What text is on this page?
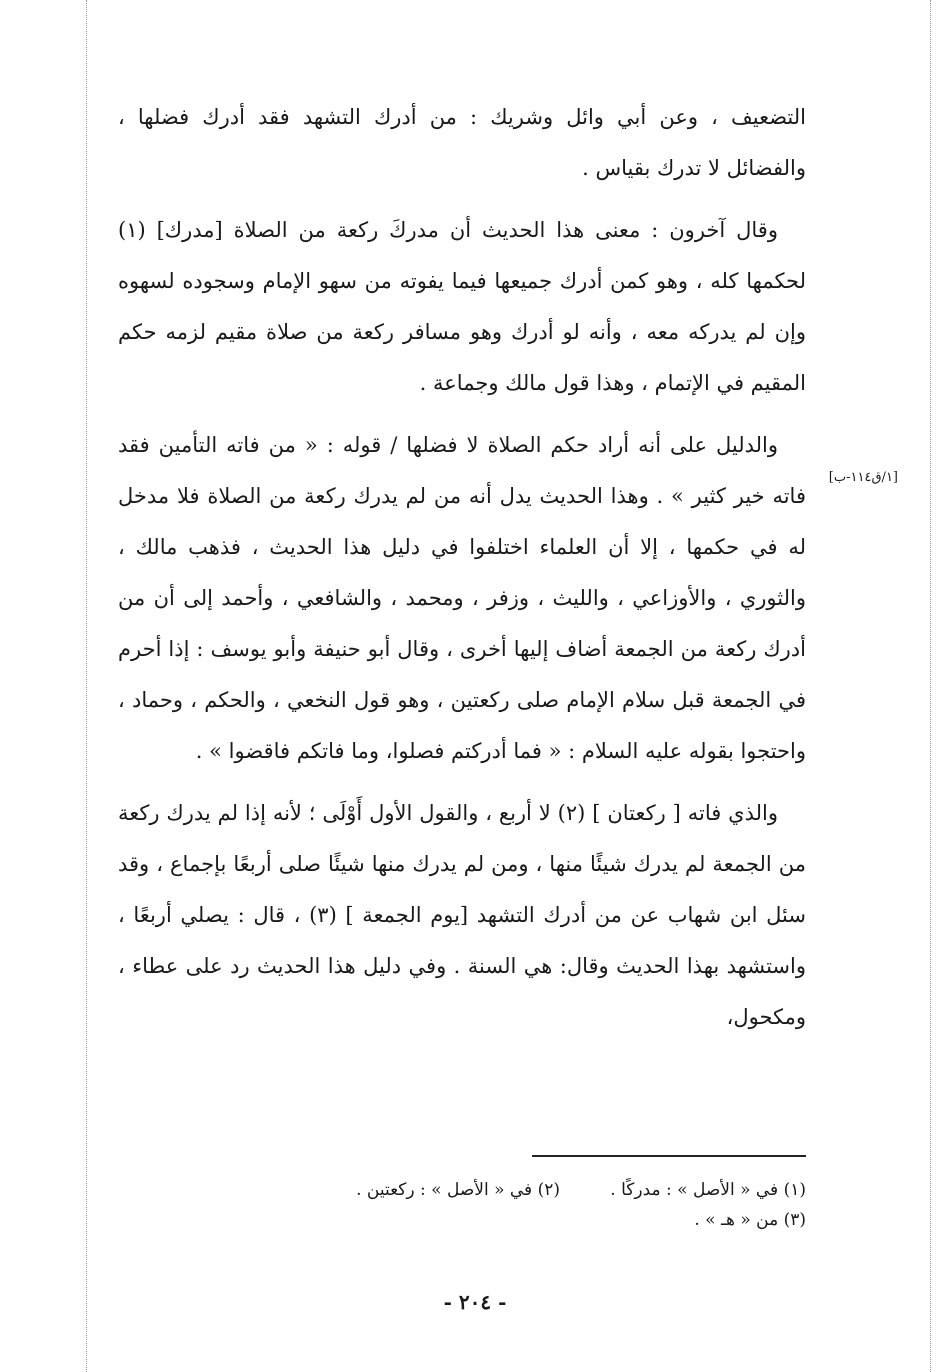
[١/ق١١٤-ب]

التضعيف ، وعن أبي وائل وشريك : من أدرك التشهد فقد أدرك فضلها ، والفضائل لا تدرك بقياس .

وقال آخرون : معنى هذا الحديث أن مدركَ ركعة من الصلاة [مدرك] (١) لحكمها كله ، وهو كمن أدرك جميعها فيما يفوته من سهو الإمام وسجوده لسهوه وإن لم يدركه معه ، وأنه لو أدرك وهو مسافر ركعة من صلاة مقيم لزمه حكم المقيم في الإتمام ، وهذا قول مالك وجماعة .

والدليل على أنه أراد حكم الصلاة لا فضلها / قوله : « من فاته التأمين فقد فاته خير كثير » . وهذا الحديث يدل أنه من لم يدرك ركعة من الصلاة فلا مدخل له في حكمها ، إلا أن العلماء اختلفوا في دليل هذا الحديث ، فذهب مالك ، والثوري ، والأوزاعي ، والليث ، وزفر ، ومحمد ، والشافعي ، وأحمد إلى أن من أدرك ركعة من الجمعة أضاف إليها أخرى ، وقال أبو حنيفة وأبو يوسف : إذا أحرم في الجمعة قبل سلام الإمام صلى ركعتين ، وهو قول النخعي ، والحكم ، وحماد ، واحتجوا بقوله عليه السلام : « فما أدركتم فصلوا، وما فاتكم فاقضوا » .

والذي فاته [ ركعتان ] (٢) لا أربع ، والقول الأول أَوْلَى ؛ لأنه إذا لم يدرك ركعة من الجمعة لم يدرك شيئًا منها ، ومن لم يدرك منها شيئًا صلى أربعًا بإجماع ، وقد سئل ابن شهاب عن من أدرك التشهد [يوم الجمعة ] (٣) ، قال : يصلي أربعًا ، واستشهد بهذا الحديث وقال: هي السنة . وفي دليل هذا الحديث رد على عطاء ، ومكحول،

(١) في « الأصل » : مدركًا .
(٢) في « الأصل » : ركعتين .
(٣) من « هـ » .
- ٢٠٤ -
